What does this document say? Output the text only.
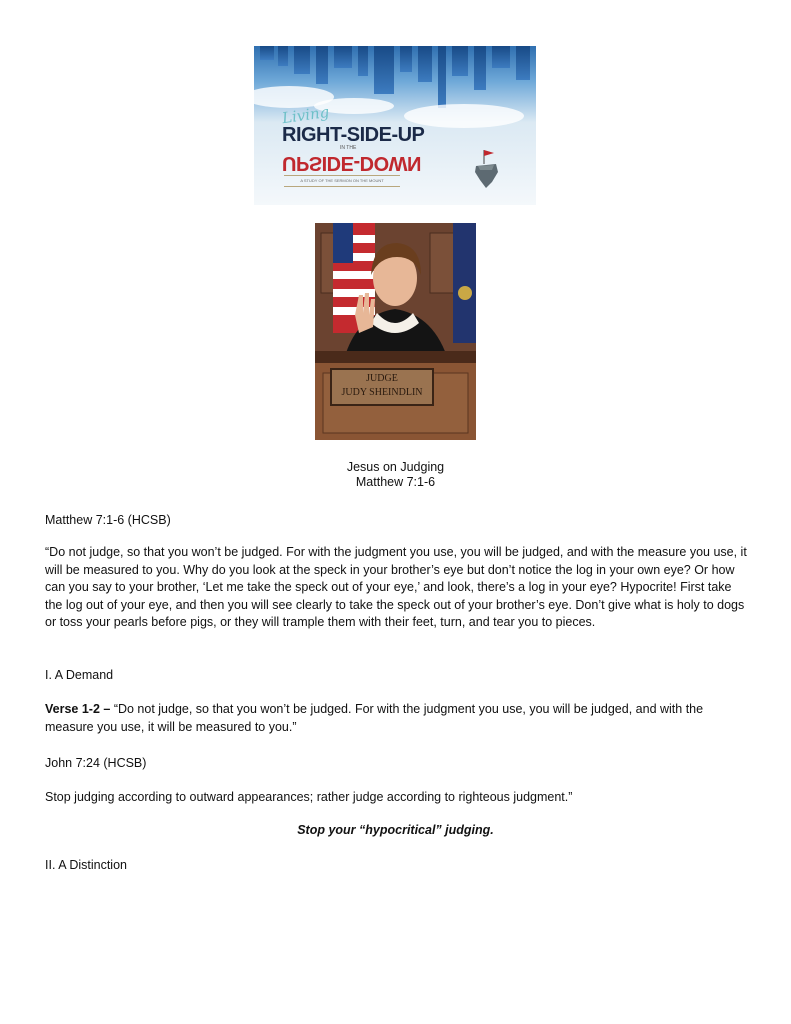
Living
RIGHT-SIDE-UP
IN THE
UPSIDE-DOWN
A STUDY OF THE SERMON ON THE MOUNT
JUDGE
JUDY SHEINDLIN
Jesus on Judging
Matthew 7:1-6

Matthew 7:1-6 (HCSB)

“Do not judge, so that you won’t be judged. For with the judgment you use, you will be judged, and with the measure you use, it will be measured to you. Why do you look at the speck in your brother’s eye but don’t notice the log in your own eye? Or how can you say to your brother, ‘Let me take the speck out of your eye,’ and look, there’s a log in your eye? Hypocrite! First take the log out of your eye, and then you will see clearly to take the speck out of your brother’s eye. Don’t give what is holy to dogs or toss your pearls before pigs, or they will trample them with their feet, turn, and tear you to pieces.

I. A Demand

Verse 1-2 – “Do not judge, so that you won’t be judged. For with the judgment you use, you will be judged, and with the measure you use, it will be measured to you.”

John 7:24 (HCSB)

Stop judging according to outward appearances; rather judge according to righteous judgment.”

Stop your “hypocritical” judging.

II. A Distinction
